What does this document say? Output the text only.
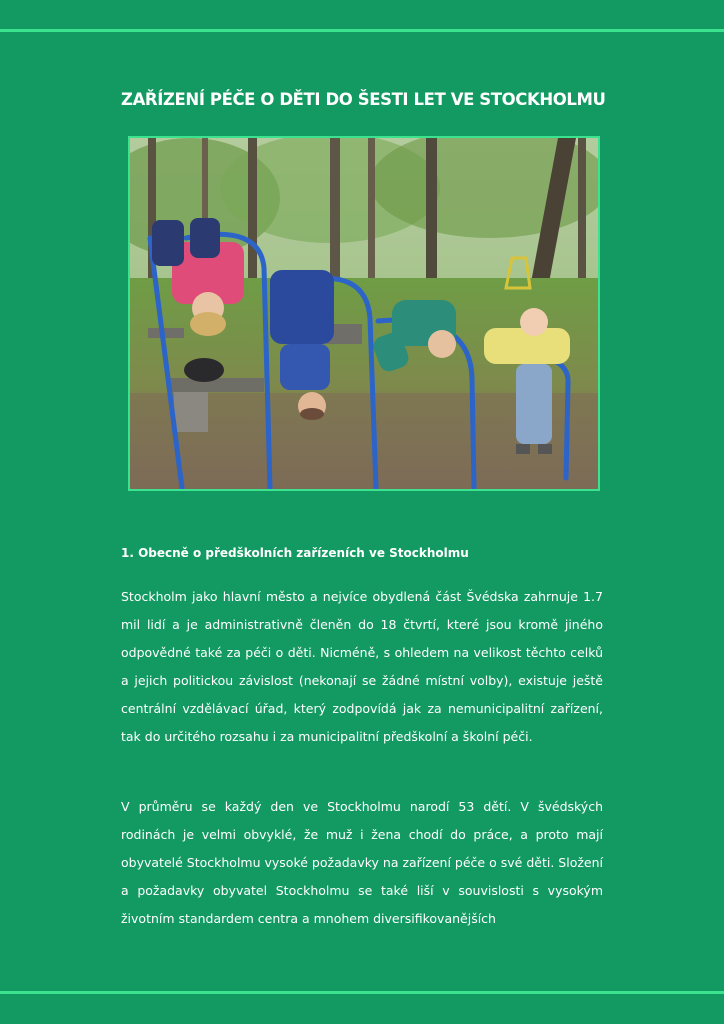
ZAŘÍZENÍ PÉČE O DĚTI DO ŠESTI LET VE STOCKHOLMU
1. Obecně o předškolních zařízeních ve Stockholmu

Stockholm jako hlavní město a nejvíce obydlená část Švédska zahrnuje 1.7 mil lidí a je administrativně členěn do 18 čtvrtí, které jsou kromě jiného odpovědné také za péči o děti. Nicméně, s ohledem na velikost těchto celků a jejich politickou závislost (nekonají se žádné místní volby), existuje ještě centrální vzdělávací úřad, který zodpovídá jak za nemunicipalitní zařízení, tak do určitého rozsahu i za municipalitní předškolní a školní péči.

V průměru se každý den ve Stockholmu narodí 53 dětí. V švédských rodinách je velmi obvyklé, že muž i žena chodí do práce, a proto mají obyvatelé Stockholmu vysoké požadavky na zařízení péče o své děti. Složení a požadavky obyvatel Stockholmu se také liší v souvislosti s vysokým životním standardem centra a mnohem diversifikovanějších
